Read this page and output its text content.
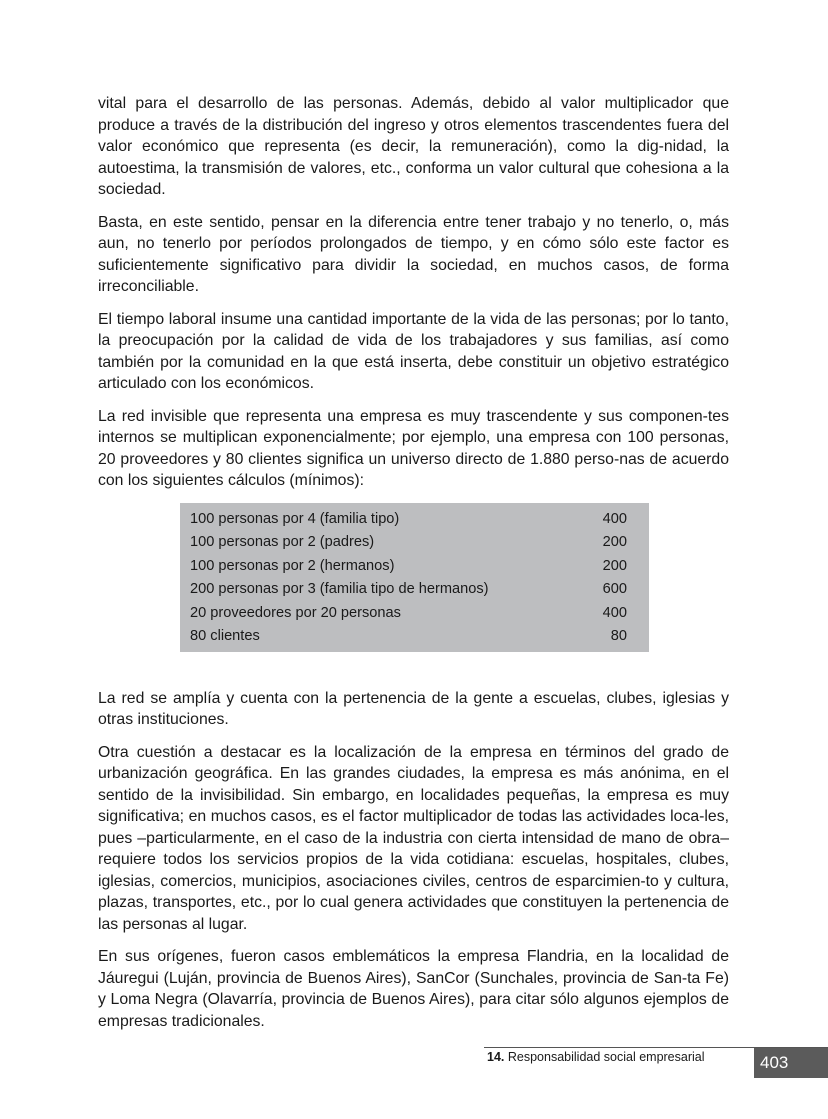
vital para el desarrollo de las personas. Además, debido al valor multiplicador que produce a través de la distribución del ingreso y otros elementos trascendentes fuera del valor económico que representa (es decir, la remuneración), como la dig-nidad, la autoestima, la transmisión de valores, etc., conforma un valor cultural que cohesiona a la sociedad.

Basta, en este sentido, pensar en la diferencia entre tener trabajo y no tenerlo, o, más aun, no tenerlo por períodos prolongados de tiempo, y en cómo sólo este factor es suficientemente significativo para dividir la sociedad, en muchos casos, de forma irreconciliable.

El tiempo laboral insume una cantidad importante de la vida de las personas; por lo tanto, la preocupación por la calidad de vida de los trabajadores y sus familias, así como también por la comunidad en la que está inserta, debe constituir un objetivo estratégico articulado con los económicos.

La red invisible que representa una empresa es muy trascendente y sus componen-tes internos se multiplican exponencialmente; por ejemplo, una empresa con 100 personas, 20 proveedores y 80 clientes significa un universo directo de 1.880 perso-nas de acuerdo con los siguientes cálculos (mínimos):

100 personas por 4 (familia tipo)	400
100 personas por 2 (padres)	200
100 personas por 2 (hermanos)	200
200 personas por 3 (familia tipo de hermanos)	600
20 proveedores por 20 personas	400
80 clientes	80

La red se amplía y cuenta con la pertenencia de la gente a escuelas, clubes, iglesias y otras instituciones.

Otra cuestión a destacar es la localización de la empresa en términos del grado de urbanización geográfica. En las grandes ciudades, la empresa es más anónima, en el sentido de la invisibilidad. Sin embargo, en localidades pequeñas, la empresa es muy significativa; en muchos casos, es el factor multiplicador de todas las actividades loca-les, pues –particularmente, en el caso de la industria con cierta intensidad de mano de obra– requiere todos los servicios propios de la vida cotidiana: escuelas, hospitales, clubes, iglesias, comercios, municipios, asociaciones civiles, centros de esparcimien-to y cultura, plazas, transportes, etc., por lo cual genera actividades que constituyen la pertenencia de las personas al lugar.

En sus orígenes, fueron casos emblemáticos la empresa Flandria, en la localidad de Jáuregui (Luján, provincia de Buenos Aires), SanCor (Sunchales, provincia de San-ta Fe) y Loma Negra (Olavarría, provincia de Buenos Aires), para citar sólo algunos ejemplos de empresas tradicionales.

14. Responsabilidad social empresarial	403
